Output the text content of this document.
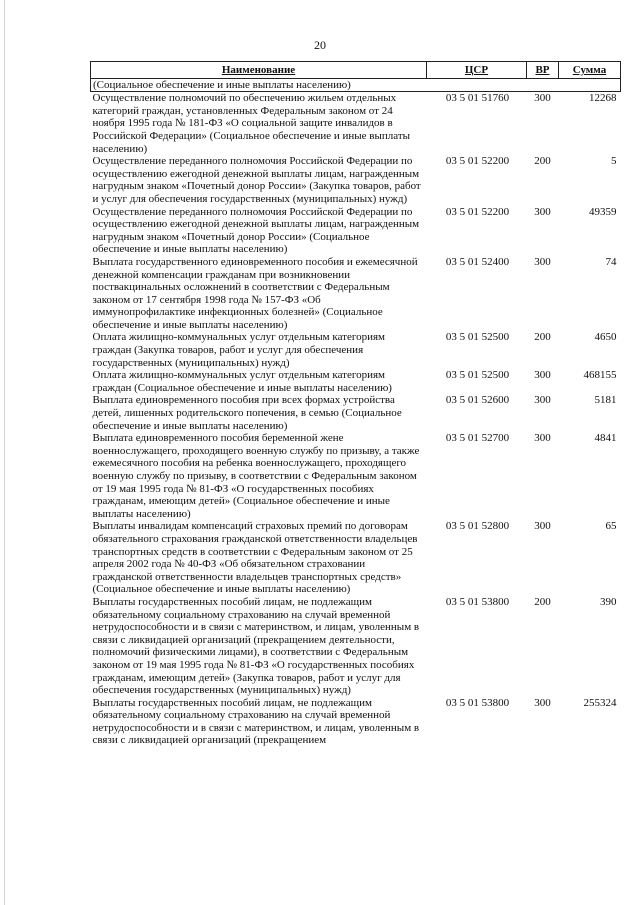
20
Наименование	ЦСР	ВР	Сумма
(Социальное обеспечение и иные выплаты населению)			
Осуществление полномочий по обеспечению жильем отдельных категорий граждан, установленных Федеральным законом от 24 ноября 1995 года № 181-ФЗ «О социальной защите инвалидов в Российской Федерации» (Социальное обеспечение и иные выплаты населению)	03 5 01 51760	300	12268
Осуществление переданного полномочия Российской Федерации по осуществлению ежегодной денежной выплаты лицам, награжденным нагрудным знаком «Почетный донор России» (Закупка товаров, работ и услуг для обеспечения государственных (муниципальных) нужд)	03 5 01 52200	200	5
Осуществление переданного полномочия Российской Федерации по осуществлению ежегодной денежной выплаты лицам, награжденным нагрудным знаком «Почетный донор России» (Социальное обеспечение и иные выплаты населению)	03 5 01 52200	300	49359
Выплата государственного единовременного пособия и ежемесячной денежной компенсации гражданам при возникновении поствакцинальных осложнений в соответствии с Федеральным законом от 17 сентября 1998 года № 157-ФЗ «Об иммунопрофилактике инфекционных болезней» (Социальное обеспечение и иные выплаты населению)	03 5 01 52400	300	74
Оплата жилищно-коммунальных услуг отдельным категориям граждан (Закупка товаров, работ и услуг для обеспечения государственных (муниципальных) нужд)	03 5 01 52500	200	4650
Оплата жилищно-коммунальных услуг отдельным категориям граждан (Социальное обеспечение и иные выплаты населению)	03 5 01 52500	300	468155
Выплата единовременного пособия при всех формах устройства детей, лишенных родительского попечения, в семью (Социальное обеспечение и иные выплаты населению)	03 5 01 52600	300	5181
Выплата единовременного пособия беременной жене военнослужащего, проходящего военную службу по призыву, а также ежемесячного пособия на ребенка военнослужащего, проходящего военную службу по призыву, в соответствии с Федеральным законом от 19 мая 1995 года № 81-ФЗ «О государственных пособиях гражданам, имеющим детей» (Социальное обеспечение и иные выплаты населению)	03 5 01 52700	300	4841
Выплаты инвалидам компенсаций страховых премий по договорам обязательного страхования гражданской ответственности владельцев транспортных средств в соответствии с Федеральным законом от 25 апреля 2002 года № 40-ФЗ «Об обязательном страховании гражданской ответственности владельцев транспортных средств» (Социальное обеспечение и иные выплаты населению)	03 5 01 52800	300	65
Выплаты государственных пособий лицам, не подлежащим обязательному социальному страхованию на случай временной нетрудоспособности и в связи с материнством, и лицам, уволенным в связи с ликвидацией организаций (прекращением деятельности, полномочий физическими лицами), в соответствии с Федеральным законом от 19 мая 1995 года № 81-ФЗ «О государственных пособиях гражданам, имеющим детей» (Закупка товаров, работ и услуг для обеспечения государственных (муниципальных) нужд)	03 5 01 53800	200	390
Выплаты государственных пособий лицам, не подлежащим обязательному социальному страхованию на случай временной нетрудоспособности и в связи с материнством, и лицам, уволенным в связи с ликвидацией организаций (прекращением	03 5 01 53800	300	255324
